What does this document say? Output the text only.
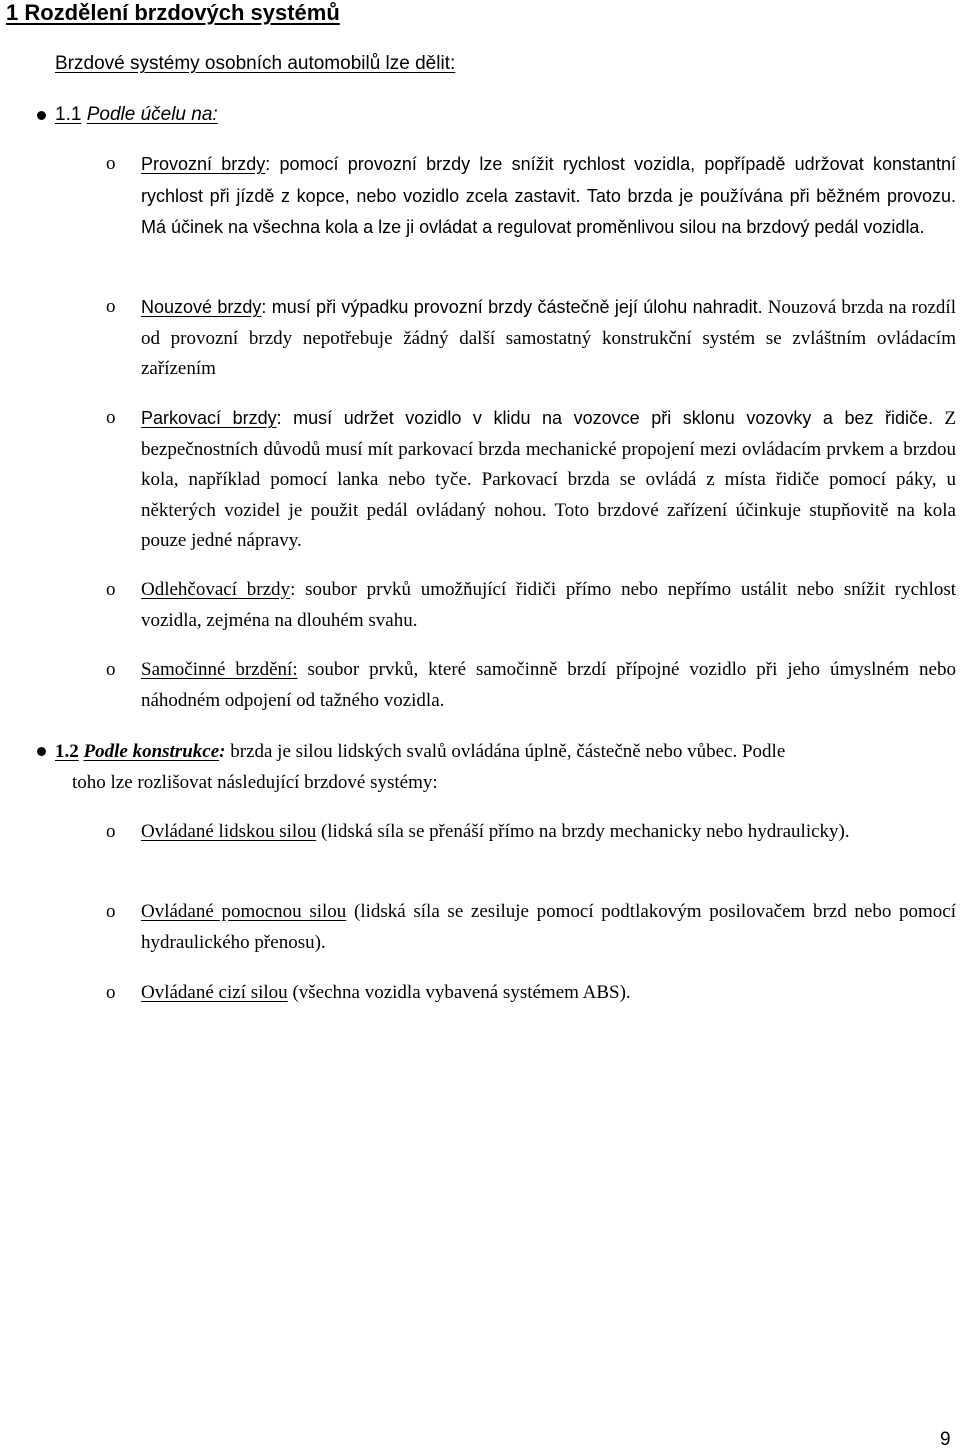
1 Rozdělení brzdových systémů

Brzdové systémy osobních automobilů lze dělit:

1.1 Podle účelu na:

o Provozní brzdy: pomocí provozní brzdy lze snížit rychlost vozidla, popřípadě udržovat konstantní rychlost při jízdě z kopce, nebo vozidlo zcela zastavit. Tato brzda je používána při běžném provozu. Má účinek na všechna kola a lze ji ovládat a regulovat proměnlivou silou na brzdový pedál vozidla.

o Nouzové brzdy: musí při výpadku provozní brzdy částečně její úlohu nahradit. Nouzová brzda na rozdíl od provozní brzdy nepotřebuje žádný další samostatný konstrukční systém se zvláštním ovládacím zařízením

o Parkovací brzdy: musí udržet vozidlo v klidu na vozovce při sklonu vozovky a bez řidiče. Z bezpečnostních důvodů musí mít parkovací brzda mechanické propojení mezi ovládacím prvkem a brzdou kola, například pomocí lanka nebo tyče. Parkovací brzda se ovládá z místa řidiče pomocí páky, u některých vozidel je použit pedál ovládaný nohou. Toto brzdové zařízení účinkuje stupňovitě na kola pouze jedné nápravy.

o Odlehčovací brzdy: soubor prvků umožňující řidiči přímo nebo nepřímo ustálit nebo snížit rychlost vozidla, zejména na dlouhém svahu.

o Samočinné brzdění: soubor prvků, které samočinně brzdí přípojné vozidlo při jeho úmyslném nebo náhodném odpojení od tažného vozidla.

1.2 Podle konstrukce: brzda je silou lidských svalů ovládána úplně, částečně nebo vůbec. Podle
toho lze rozlišovat následující brzdové systémy:

o Ovládané lidskou silou (lidská síla se přenáší přímo na brzdy mechanicky nebo hydraulicky).

o Ovládané pomocnou silou (lidská síla se zesiluje pomocí podtlakovým posilovačem brzd nebo pomocí hydraulického přenosu).

o Ovládané cizí silou (všechna vozidla vybavená systémem ABS).

9
